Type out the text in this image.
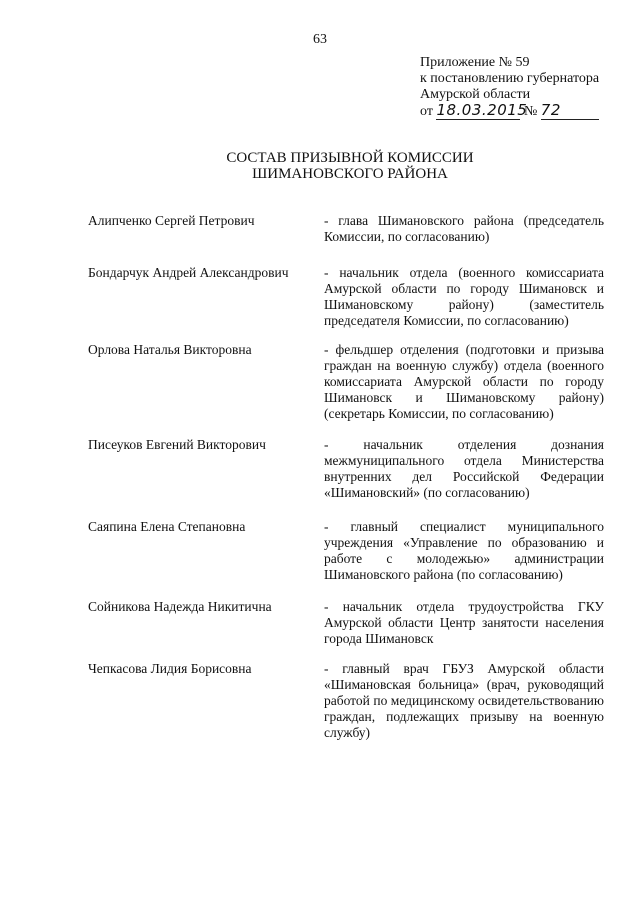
63
Приложение № 59
к постановлению губернатора
Амурской области
от 18.03.2015 № 72
СОСТАВ ПРИЗЫВНОЙ КОМИССИИ
ШИМАНОВСКОГО РАЙОНА
Алипченко Сергей Петрович	- глава Шимановского района (председатель Комиссии, по согласованию)
Бондарчук Андрей Александрович	- начальник отдела (военного комиссариата Амурской области по городу Шимановск и Шимановскому району) (заместитель председателя Комиссии, по согласованию)
Орлова Наталья Викторовна	- фельдшер отделения (подготовки и призыва граждан на военную службу) отдела (военного комиссариата Амурской области по городу Шимановск и Шимановскому району) (секретарь Комиссии, по согласованию)
Писеуков Евгений Викторович	- начальник отделения дознания межмуниципального отдела Министерства внутренних дел Российской Федерации «Шимановский» (по согласованию)
Саяпина Елена Степановна	- главный специалист муниципального учреждения «Управление по образованию и работе с молодежью» администрации Шимановского района (по согласованию)
Сойникова Надежда Никитична	- начальник отдела трудоустройства ГКУ Амурской области Центр занятости населения города Шимановск
Чепкасова Лидия Борисовна	- главный врач ГБУЗ Амурской области «Шимановская больница» (врач, руководящий работой по медицинскому освидетельствованию граждан, подлежащих призыву на военную службу)
